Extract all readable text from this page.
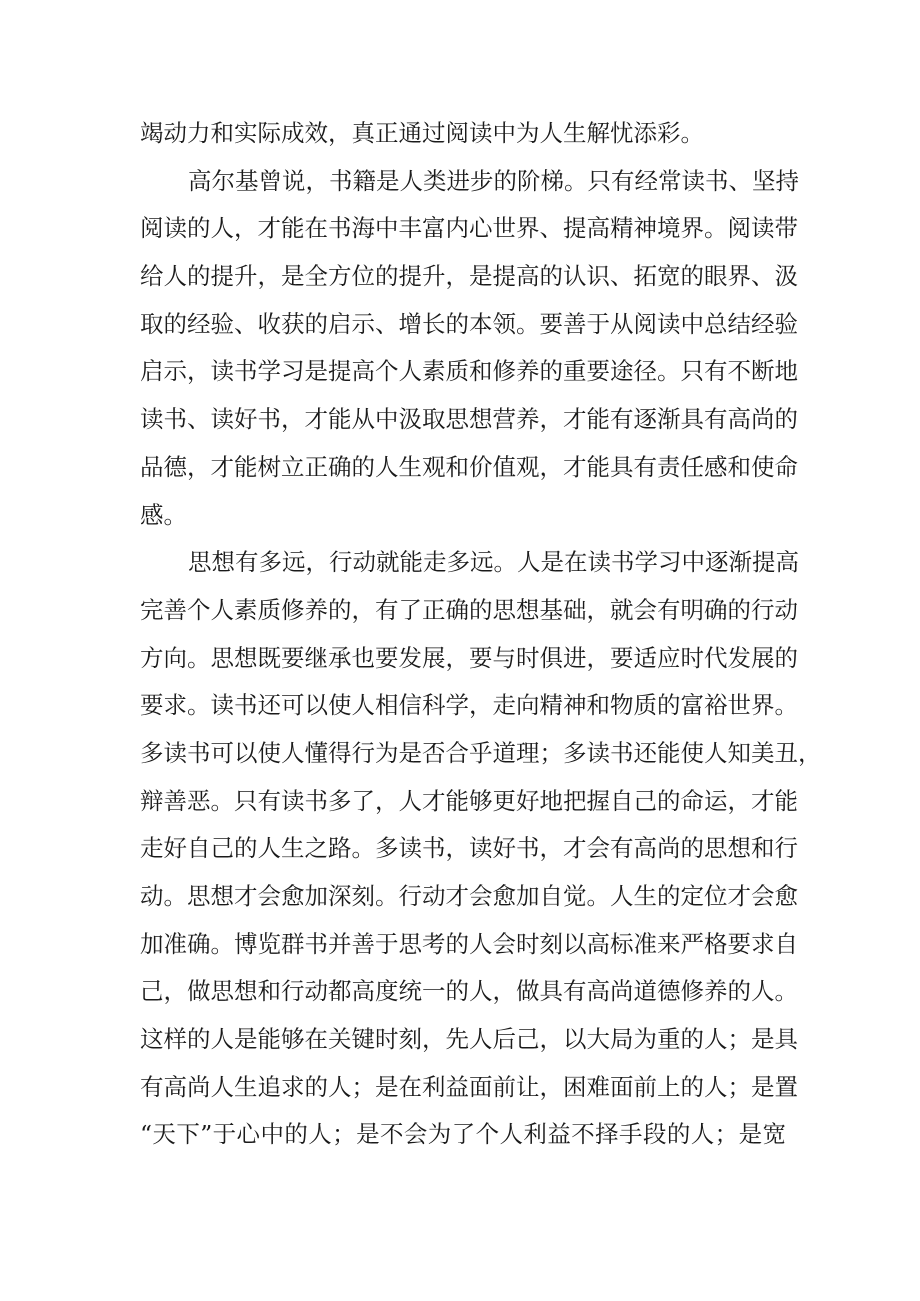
竭动力和实际成效，真正通过阅读中为人生解忧添彩。
高尔基曾说，书籍是人类进步的阶梯。只有经常读书、坚持
阅读的人，才能在书海中丰富内心世界、提高精神境界。阅读带
给人的提升，是全方位的提升，是提高的认识、拓宽的眼界、汲
取的经验、收获的启示、增长的本领。要善于从阅读中总结经验
启示，读书学习是提高个人素质和修养的重要途径。只有不断地
读书、读好书，才能从中汲取思想营养，才能有逐渐具有高尚的
品德，才能树立正确的人生观和价值观，才能具有责任感和使命
感。
思想有多远，行动就能走多远。人是在读书学习中逐渐提高
完善个人素质修养的，有了正确的思想基础，就会有明确的行动
方向。思想既要继承也要发展，要与时俱进，要适应时代发展的
要求。读书还可以使人相信科学，走向精神和物质的富裕世界。
多读书可以使人懂得行为是否合乎道理；多读书还能使人知美丑，
辩善恶。只有读书多了，人才能够更好地把握自己的命运，才能
走好自己的人生之路。多读书，读好书，才会有高尚的思想和行
动。思想才会愈加深刻。行动才会愈加自觉。人生的定位才会愈
加准确。博览群书并善于思考的人会时刻以高标准来严格要求自
己，做思想和行动都高度统一的人，做具有高尚道德修养的人。
这样的人是能够在关键时刻，先人后己，以大局为重的人；是具
有高尚人生追求的人；是在利益面前让，困难面前上的人；是置
“天下”于心中的人；是不会为了个人利益不择手段的人；是宽
